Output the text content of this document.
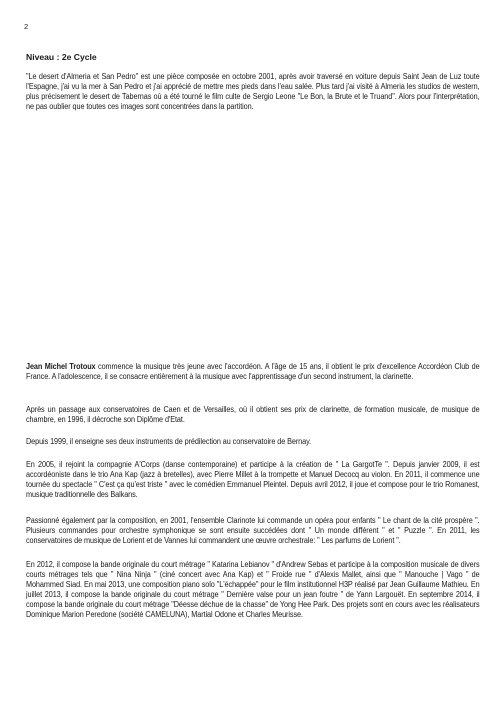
2
Niveau : 2e Cycle

"Le desert d'Almeria et San Pedro" est une pièce composée en octobre 2001, après avoir traversé en voiture depuis Saint Jean de Luz toute l'Espagne, j'ai vu la mer à San Pedro et j'ai apprécié de mettre mes pieds dans l'eau salée. Plus tard j'ai visité à Almeria les studios de western, plus précisement le desert de Tabernas où a été tourné le film culte de Sergio Leone "Le Bon, la Brute et le Truand". Alors pour l'interprétation, ne pas oublier que toutes ces images sont concentrées dans la partition.

Jean Michel Trotoux commence la musique très jeune avec l'accordéon. A l'âge de 15 ans, il obtient le prix d'excellence Accordéon Club de France. A l'adolescence, il se consacre entièrement à la musique avec l'apprentissage d'un second instrument, la clarinette.

Après un passage aux conservatoires de Caen et de Versailles, où il obtient ses prix de clarinette, de formation musicale, de musique de chambre, en 1996, il décroche son Diplôme d'Etat.

Depuis 1999, il enseigne ses deux instruments de prédilection au conservatoire de Bernay.

En 2005, il rejoint la compagnie A'Corps (danse contemporaine) et participe à la création de " La GargotTe ". Depuis janvier 2009, il est accordéoniste dans le trio Ana Kap (jazz à bretelles), avec Pierre Millet à la trompette et Manuel Decocq au violon. En 2011, il commence une tournée du spectacle " C'est ça qu'est triste " avec le comédien Emmanuel Pleintel. Depuis avril 2012, il joue et compose pour le trio Romanest, musique traditionnelle des Balkans.

Passionné également par la composition, en 2001, l'ensemble Clarinote lui commande un opéra pour enfants " Le chant de la cité prospère ". Plusieurs commandes pour orchestre symphonique se sont ensuite succédées dont " Un monde différent " et " Puzzle ". En 2011, les conservatoires de musique de Lorient et de Vannes lui commandent une œuvre orchestrale: " Les parfums de Lorient ".

En 2012, il compose la bande originale du court métrage " Katarina Lebianov " d'Andrew Sebas et participe à la composition musicale de divers courts métrages tels que " Nina Ninja " (ciné concert avec Ana Kap) et " Froide rue " d'Alexis Mallet, ainsi que " Manouche | Vago " de Mohammed Siad. En mai 2013, une composition piano solo "L'échappée" pour le film institutionnel H3P réalisé par Jean Guillaume Mathieu. En juillet 2013, il compose la bande originale du court métrage " Dernière valse pour un jean foutre " de Yann Largouët. En septembre 2014, il compose la bande originale du court métrage "Déesse déchue de la chasse" de Yong Hee Park. Des projets sont en cours avec les réalisateurs Dominique Marion Peredone (société CAMELUNA), Martial Odone et Charles Meurisse.
